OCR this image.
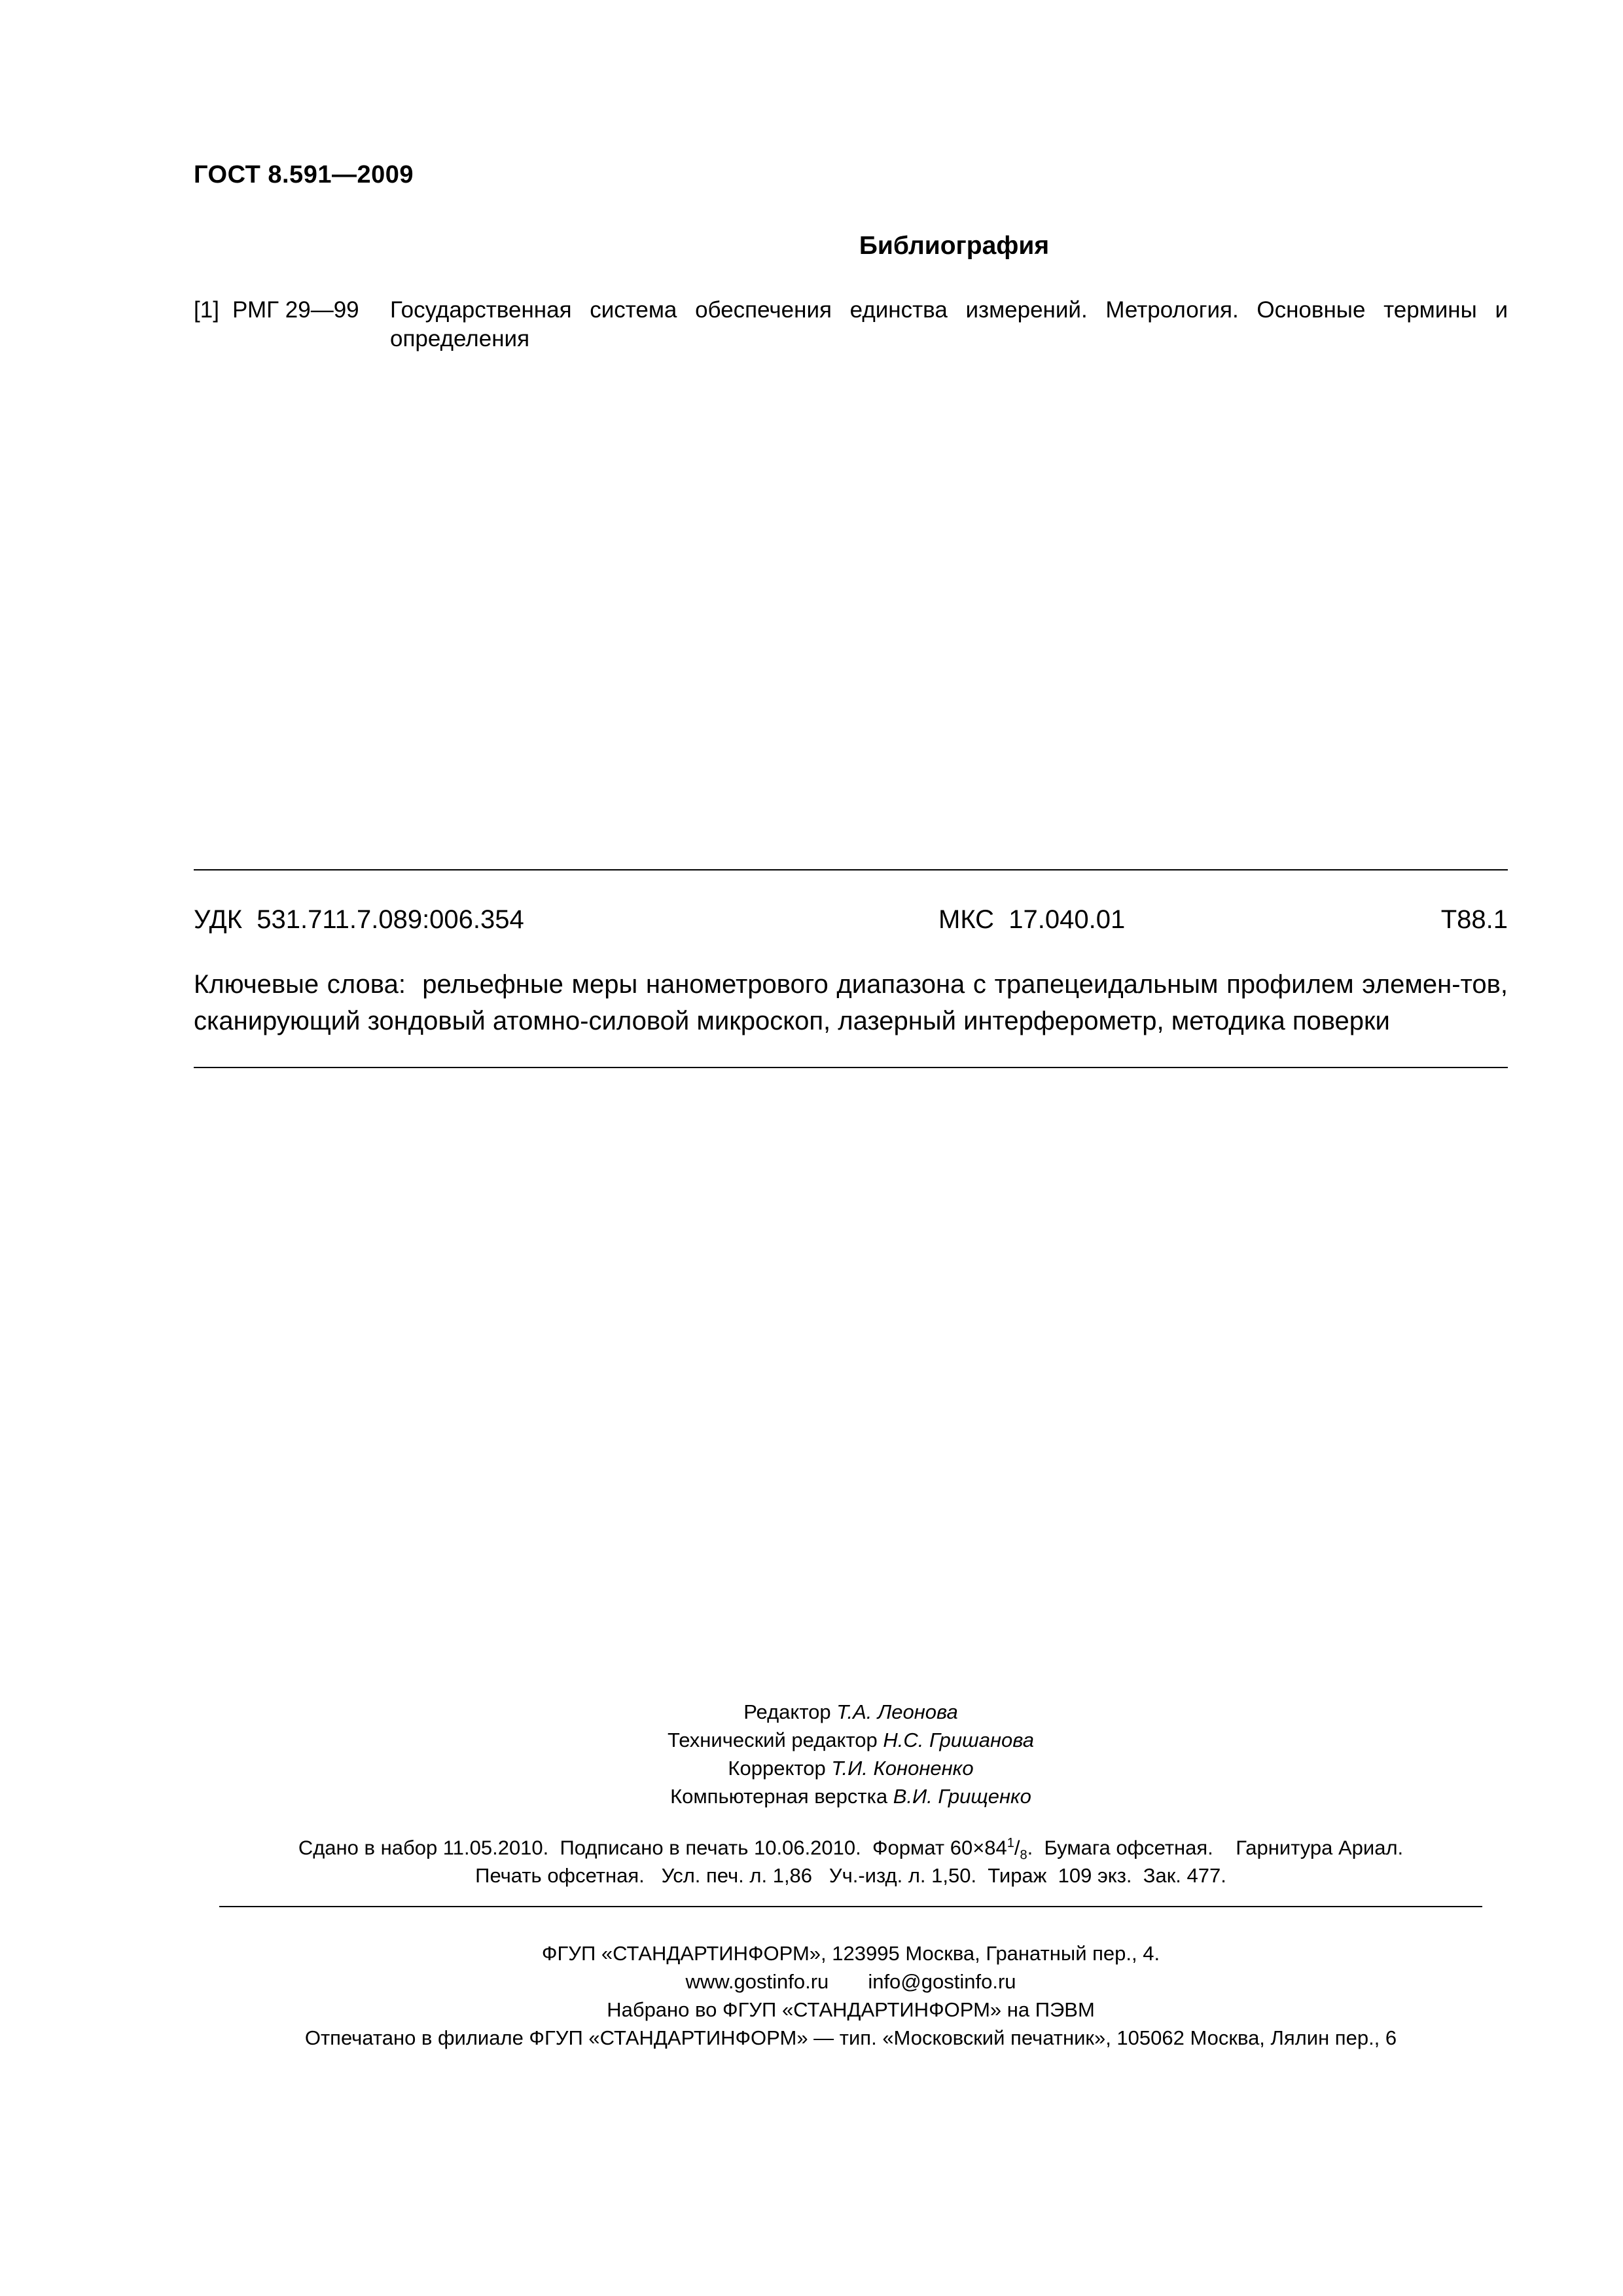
ГОСТ 8.591—2009
Библиография
[1] РМГ 29—99 Государственная система обеспечения единства измерений. Метрология. Основные термины и определения
УДК  531.711.7.089:006.354	МКС  17.040.01	Т88.1
Ключевые слова:  рельефные меры нанометрового диапазона с трапецеидальным профилем элемен-тов, сканирующий зондовый атомно-силовой микроскоп, лазерный интерферометр, методика поверки
Редактор Т.А. Леонова
Технический редактор Н.С. Гришанова
Корректор Т.И. Кононенко
Компьютерная верстка В.И. Грищенко
Сдано в набор 11.05.2010.  Подписано в печать 10.06.2010.  Формат $60\times 84^1/_8$.  Бумага офсетная.    Гарнитура Ариал.
Печать офсетная.   Усл. печ. л. 1,86   Уч.-изд. л. 1,50.  Тираж  109 экз.  Зак. 477.
ФГУП «СТАНДАРТИНФОРМ», 123995 Москва, Гранатный пер., 4.
www.gostinfo.ru info@gostinfo.ru
Набрано во ФГУП «СТАНДАРТИНФОРМ» на ПЭВМ
Отпечатано в филиале ФГУП «СТАНДАРТИНФОРМ» — тип. «Московский печатник», 105062 Москва, Лялин пер., 6
